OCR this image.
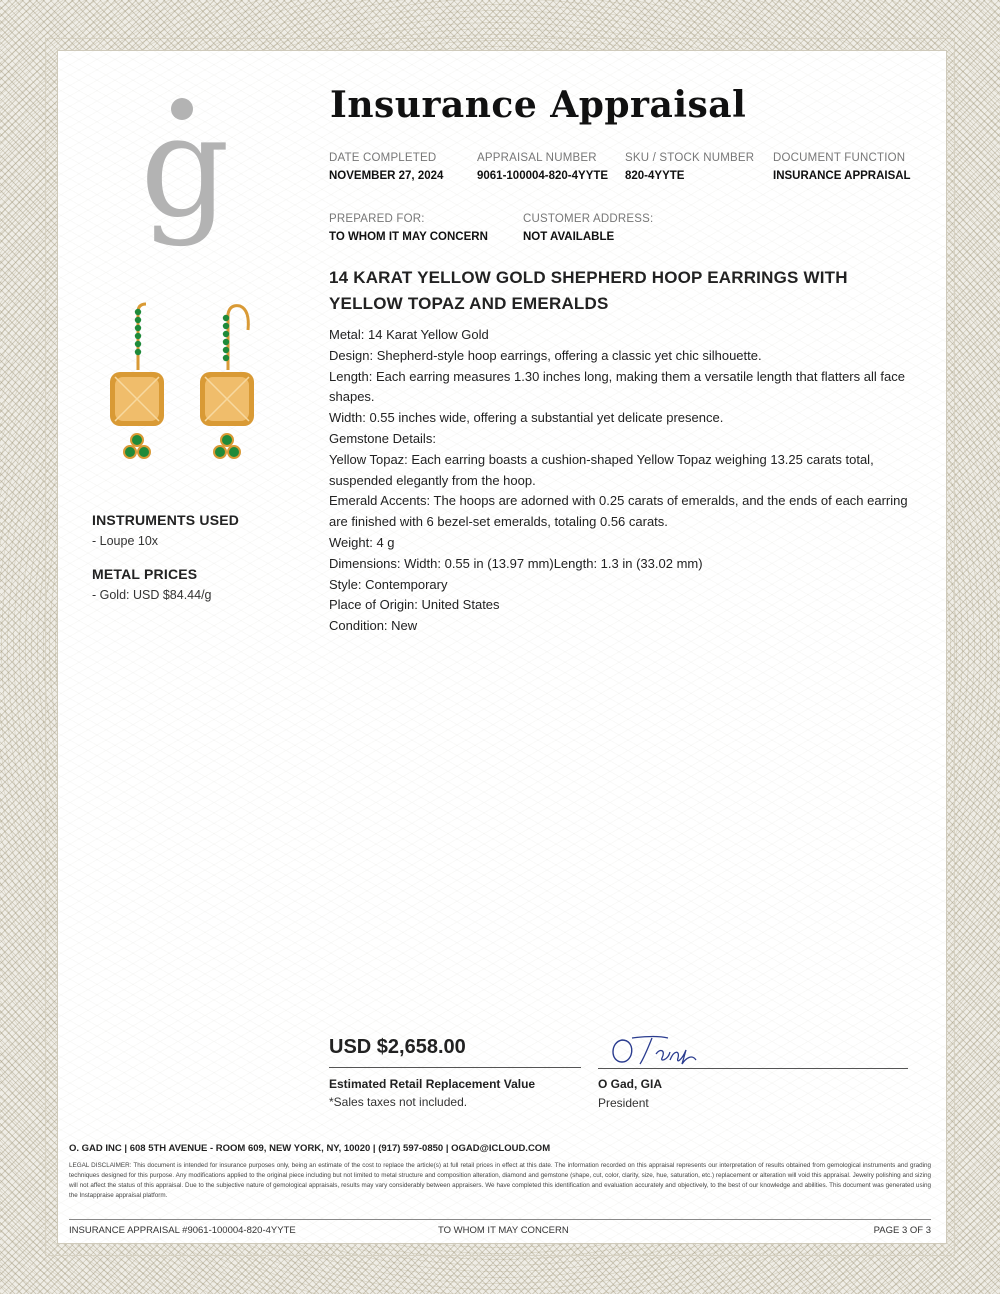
g
INSTRUMENTS USED

- Loupe 10x

METAL PRICES

- Gold: USD $84.44/g

Insurance Appraisal
DATE COMPLETED
NOVEMBER 27, 2024
APPRAISAL NUMBER
9061-100004-820-4YYTE
SKU / STOCK NUMBER
820-4YYTE
DOCUMENT FUNCTION
INSURANCE APPRAISAL
PREPARED FOR:
TO WHOM IT MAY CONCERN
CUSTOMER ADDRESS:
NOT AVAILABLE
14 KARAT YELLOW GOLD SHEPHERD HOOP EARRINGS WITH YELLOW TOPAZ AND EMERALDS
Metal: 14 Karat Yellow Gold
Design: Shepherd-style hoop earrings, offering a classic yet chic silhouette.
Length: Each earring measures 1.30 inches long, making them a versatile length that flatters all face shapes.
Width: 0.55 inches wide, offering a substantial yet delicate presence.
Gemstone Details:
Yellow Topaz: Each earring boasts a cushion-shaped Yellow Topaz weighing 13.25 carats total, suspended elegantly from the hoop.
Emerald Accents: The hoops are adorned with 0.25 carats of emeralds, and the ends of each earring are finished with 6 bezel-set emeralds, totaling 0.56 carats.
Weight: 4 g
Dimensions: Width: 0.55 in (13.97 mm)Length: 1.3 in (33.02 mm)
Style: Contemporary
Place of Origin: United States
Condition: New
USD $2,658.00
Estimated Retail Replacement Value
*Sales taxes not included.
O Gad, GIA
President
O. GAD INC | 608 5TH AVENUE - ROOM 609, NEW YORK, NY, 10020 | (917) 597-0850 | OGAD@ICLOUD.COM
LEGAL DISCLAIMER: This document is intended for insurance purposes only, being an estimate of the cost to replace the article(s) at full retail prices in effect at this date. The information recorded on this appraisal represents our interpretation of results obtained from gemological instruments and grading techniques designed for this purpose. Any modifications applied to the original piece including but not limited to metal structure and composition alteration, diamond and gemstone (shape, cut, color, clarity, size, hue, saturation, etc.) replacement or alteration will void this appraisal. Jewelry polishing and sizing will not affect the status of this appraisal. Due to the subjective nature of gemological appraisals, results may vary considerably between appraisers. We have completed this identification and evaluation accurately and objectively, to the best of our knowledge and abilities. This document was generated using the Instappraise appraisal platform.
INSURANCE APPRAISAL #9061-100004-820-4YYTE	TO WHOM IT MAY CONCERN	PAGE 3 OF 3
